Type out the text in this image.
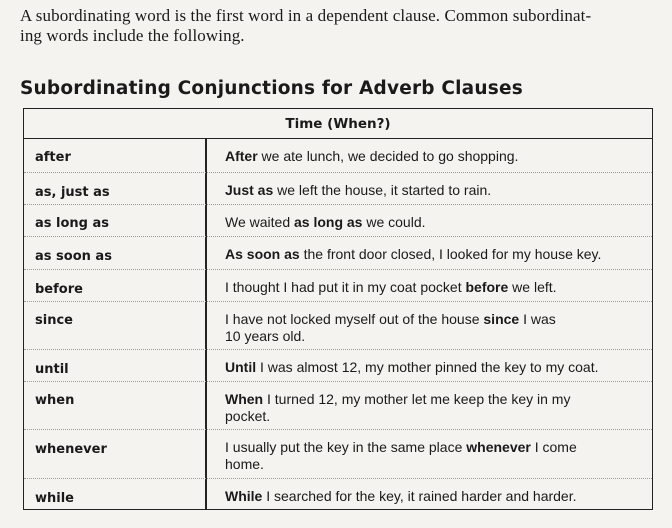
A subordinating word is the first word in a dependent clause. Common subordinat-
ing words include the following.
Subordinating Conjunctions for Adverb Clauses
Time (When?)
after	After we ate lunch, we decided to go shopping.
as, just as	Just as we left the house, it started to rain.
as long as	We waited as long as we could.
as soon as	As soon as the front door closed, I looked for my house key.
before	I thought I had put it in my coat pocket before we left.
since	I have not locked myself out of the house since I was
10 years old.
until	Until I was almost 12, my mother pinned the key to my coat.
when	When I turned 12, my mother let me keep the key in my
pocket.
whenever	I usually put the key in the same place whenever I come
home.
while	While I searched for the key, it rained harder and harder.
